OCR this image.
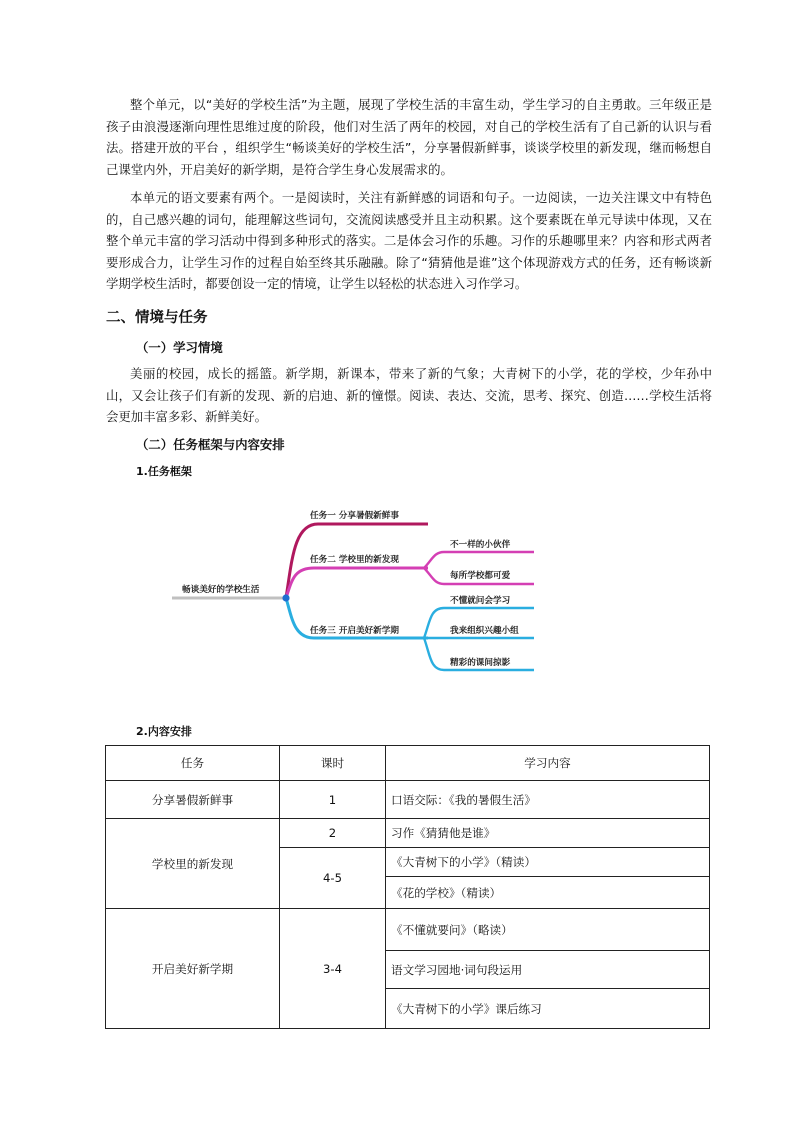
整个单元，以“美好的学校生活”为主题，展现了学校生活的丰富生动，学生学习的自主勇敢。三年级正是孩子由浪漫逐渐向理性思维过度的阶段，他们对生活了两年的校园，对自己的学校生活有了自己新的认识与看法。搭建开放的平台 ，组织学生“畅谈美好的学校生活”，分享暑假新鲜事，谈谈学校里的新发现，继而畅想自己课堂内外，开启美好的新学期，是符合学生身心发展需求的。

本单元的语文要素有两个。一是阅读时，关注有新鲜感的词语和句子。一边阅读，一边关注课文中有特色的，自己感兴趣的词句，能理解这些词句，交流阅读感受并且主动积累。这个要素既在单元导读中体现，又在整个单元丰富的学习活动中得到多种形式的落实。二是体会习作的乐趣。习作的乐趣哪里来？内容和形式两者要形成合力，让学生习作的过程自始至终其乐融融。除了“猜猜他是谁”这个体现游戏方式的任务，还有畅谈新学期学校生活时，都要创设一定的情境，让学生以轻松的状态进入习作学习。

二、情境与任务
（一）学习情境

美丽的校园，成长的摇篮。新学期，新课本，带来了新的气象；大青树下的小学，花的学校，少年孙中山，又会让孩子们有新的发现、新的启迪、新的憧憬。阅读、表达、交流，思考、探究、创造……学校生活将会更加丰富多彩、新鲜美好。

（二）任务框架与内容安排
1.任务框架
畅谈美好的学校生活
任务一 分享暑假新鲜事
任务二 学校里的新发现
不一样的小伙伴
每所学校都可爱
任务三 开启美好新学期
不懂就问会学习
我来组织兴趣小组
精彩的课间掠影
2.内容安排
任务	课时	学习内容
分享暑假新鲜事	1	口语交际：《我的暑假生活》
学校里的新发现	2	习作《猜猜他是谁》
	4-5	《大青树下的小学》（精读）
		《花的学校》（精读）
开启美好新学期	3-4	《不懂就要问》（略读）
		语文学习园地·词句段运用
		《大青树下的小学》课后练习
